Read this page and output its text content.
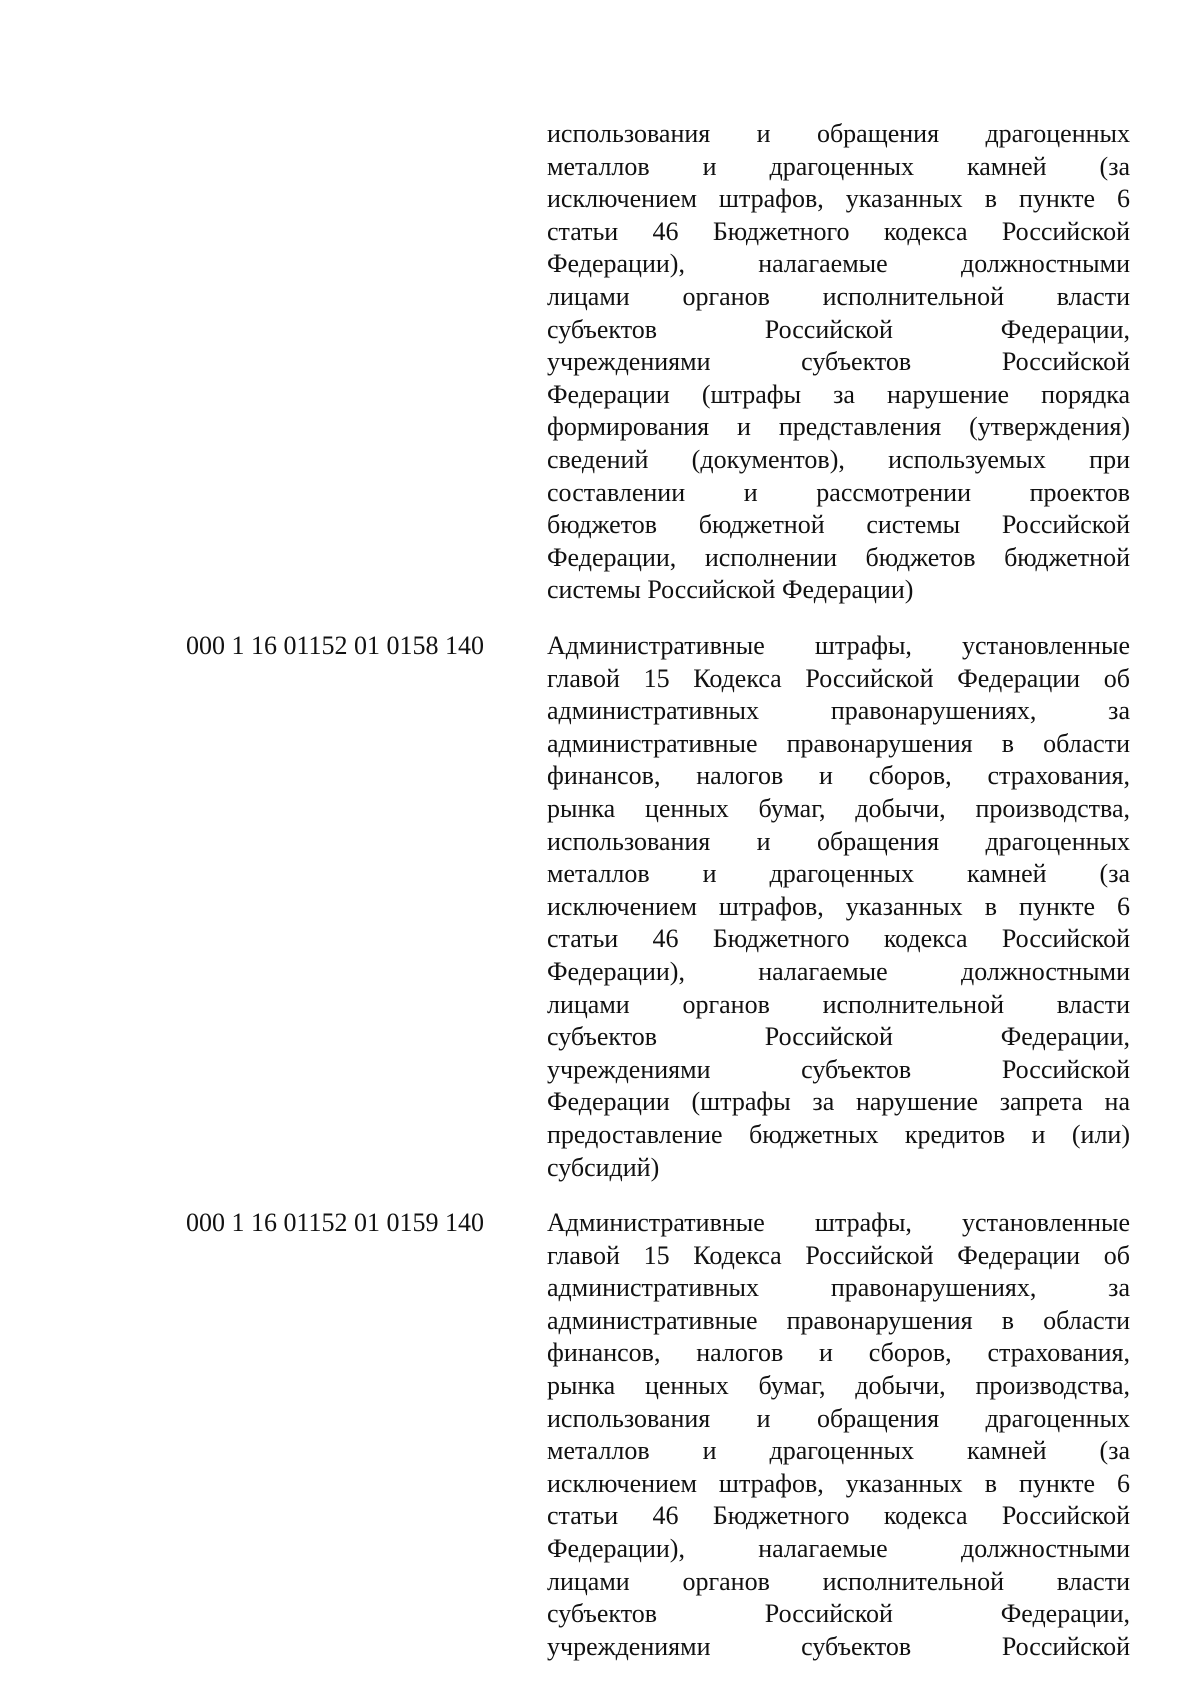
использования и обращения драгоценных
металлов и драгоценных камней (за
исключением штрафов, указанных в пункте 6
статьи 46 Бюджетного кодекса Российской
Федерации), налагаемые должностными
лицами органов исполнительной власти
субъектов Российской Федерации,
учреждениями субъектов Российской
Федерации (штрафы за нарушение порядка
формирования и представления (утверждения)
сведений (документов), используемых при
составлении и рассмотрении проектов
бюджетов бюджетной системы Российской
Федерации, исполнении бюджетов бюджетной
системы Российской Федерации)
000 1 16 01152 01 0158 140	Административные штрафы, установленные
главой 15 Кодекса Российской Федерации об
административных правонарушениях, за
административные правонарушения в области
финансов, налогов и сборов, страхования,
рынка ценных бумаг, добычи, производства,
использования и обращения драгоценных
металлов и драгоценных камней (за
исключением штрафов, указанных в пункте 6
статьи 46 Бюджетного кодекса Российской
Федерации), налагаемые должностными
лицами органов исполнительной власти
субъектов Российской Федерации,
учреждениями субъектов Российской
Федерации (штрафы за нарушение запрета на
предоставление бюджетных кредитов и (или)
субсидий)
000 1 16 01152 01 0159 140	Административные штрафы, установленные
главой 15 Кодекса Российской Федерации об
административных правонарушениях, за
административные правонарушения в области
финансов, налогов и сборов, страхования,
рынка ценных бумаг, добычи, производства,
использования и обращения драгоценных
металлов и драгоценных камней (за
исключением штрафов, указанных в пункте 6
статьи 46 Бюджетного кодекса Российской
Федерации), налагаемые должностными
лицами органов исполнительной власти
субъектов Российской Федерации,
учреждениями субъектов Российской
